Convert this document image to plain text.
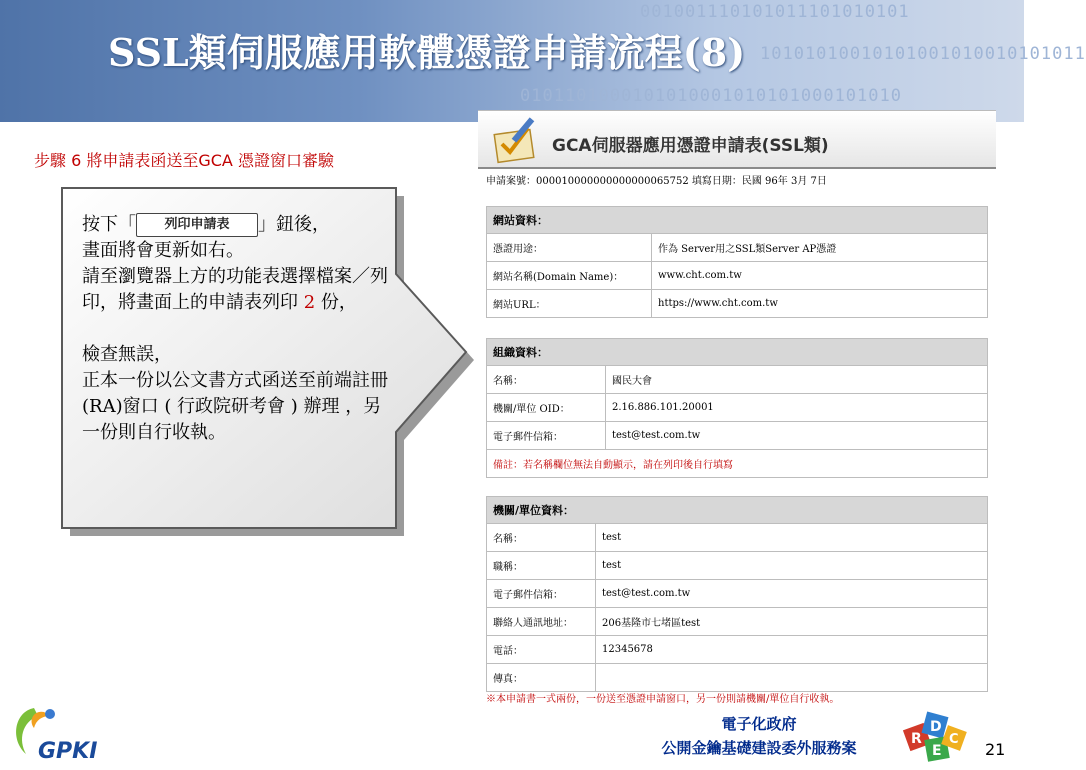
001001110101011101010101
10101010010101001010010101011
0101101000101010001010101000101010
SSL類伺服應用軟體憑證申請流程(8)
步驟 6 將申請表函送至GCA 憑證窗口審驗
按下「 列印申請表 」鈕後，
畫面將會更新如右。
請至瀏覽器上方的功能表選擇檔案／列印，將畫面上的申請表列印 2 份，
檢查無誤，
正本一份以公文書方式函送至前端註冊(RA)窗口 ( 行政院研考會 ) 辦理 ，另一份則自行收執。
GCA伺服器應用憑證申請表(SSL類)
申請案號：000010000000000000065752 填寫日期：民國 96年 3月 7日
網站資料：	
憑證用途：	作為 Server用之SSL類Server AP憑證
網站名稱(Domain Name)：	www.cht.com.tw
網站URL：	https://www.cht.com.tw
組織資料：	
名稱：	國民大會
機關/單位 OID：	2.16.886.101.20001
電子郵件信箱：	test@test.com.tw
備註：若名稱欄位無法自動顯示，請在列印後自行填寫	
機關/單位資料：	
名稱：	test
職稱：	test
電子郵件信箱：	test@test.com.tw
聯絡人通訊地址：	206基隆市七堵區test
電話：	12345678
傳真：	
※本申請書一式兩份，一份送至憑證申請窗口，另一份則請機關/單位自行收執。
GPKI
電子化政府
公開金鑰基礎建設委外服務案	R
D
E
C
21
